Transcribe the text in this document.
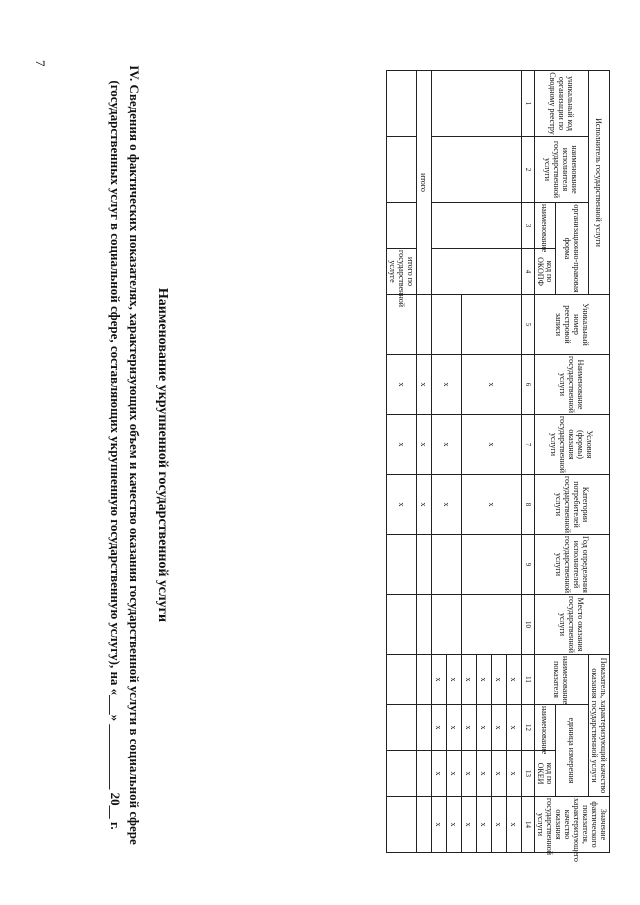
7
IV. Сведения о фактических показателях, характеризующих объем и качество оказания государственной услуги в социальной сфере (государственных услуг в социальной сфере, составляющих укрупненную государственную услугу), на «___» __________ 20__ г.	Наименование укрупненной государственной услуги
Исполнитель государственной услуги				Уникальный номер реестровой записи	Наименование государственной услуги	Условия (формы) оказания государственной услуги	Категории потребителей государственной услуги	Год определения исполнителей государственной услуги	Место оказания государственной услуги	Показатель, характеризующий качество оказания государственной услуги			Значение фактического показателя, характеризующего качество оказания государственной услуги
уникальный код организации по Сводному реестру	наименование исполнителя государственной услуги	организационно-правовая форма								наименование показателя	единица измерения		
		наименование	код по ОКОПФ								наименование	код по ОКЕИ	
1	2	3	4	5	6	7	8	9	10	11	12	13	14
					x	x	x			x	x	x	x
										x	x	x	x
										x	x	x	x
										x	x	x	x
					x	x	x			x	x	x	x
										x	x	x	x
итого					x	x	x						
			итого по государственной услуге		x	x	x						
